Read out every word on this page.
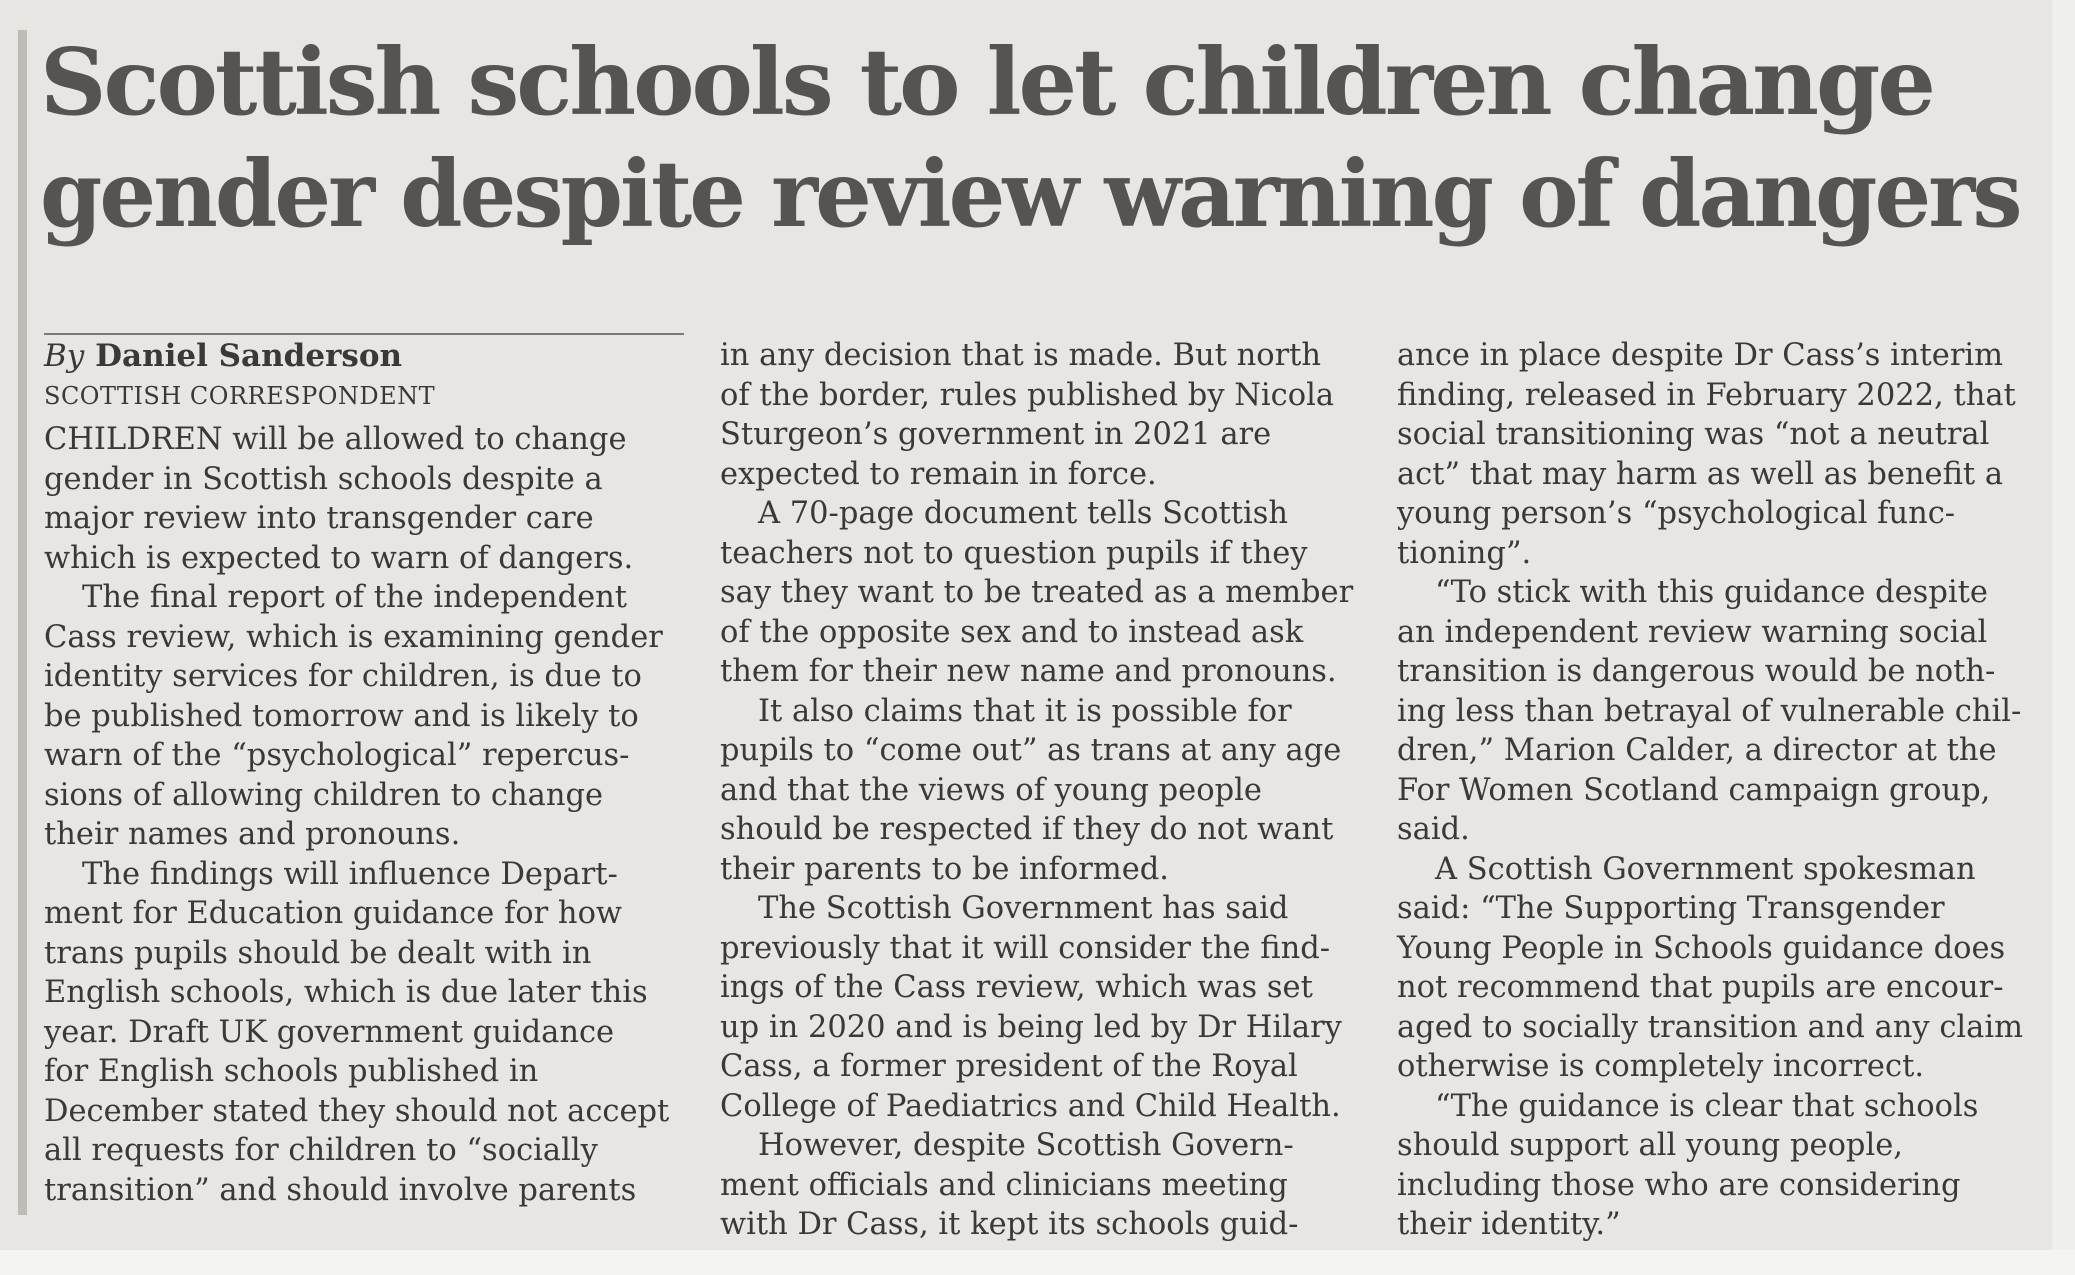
Scottish schools to let children change
gender despite review warning of dangers
By Daniel Sanderson
SCOTTISH CORRESPONDENT
CHILDREN will be allowed to change
gender in Scottish schools despite a
major review into transgender care
which is expected to warn of dangers.
The final report of the independent
Cass review, which is examining gender
identity services for children, is due to
be published tomorrow and is likely to
warn of the “psychological” repercus-
sions of allowing children to change
their names and pronouns.
The findings will influence Depart-
ment for Education guidance for how
trans pupils should be dealt with in
English schools, which is due later this
year. Draft UK government guidance
for English schools published in
December stated they should not accept
all requests for children to “socially
transition” and should involve parents
in any decision that is made. But north
of the border, rules published by Nicola
Sturgeon’s government in 2021 are
expected to remain in force.
A 70-page document tells Scottish
teachers not to question pupils if they
say they want to be treated as a member
of the opposite sex and to instead ask
them for their new name and pronouns.
It also claims that it is possible for
pupils to “come out” as trans at any age
and that the views of young people
should be respected if they do not want
their parents to be informed.
The Scottish Government has said
previously that it will consider the find-
ings of the Cass review, which was set
up in 2020 and is being led by Dr Hilary
Cass, a former president of the Royal
College of Paediatrics and Child Health.
However, despite Scottish Govern-
ment officials and clinicians meeting
with Dr Cass, it kept its schools guid-
ance in place despite Dr Cass’s interim
finding, released in February 2022, that
social transitioning was “not a neutral
act” that may harm as well as benefit a
young person’s “psychological func-
tioning”.
“To stick with this guidance despite
an independent review warning social
transition is dangerous would be noth-
ing less than betrayal of vulnerable chil-
dren,” Marion Calder, a director at the
For Women Scotland campaign group,
said.
A Scottish Government spokesman
said: “The Supporting Transgender
Young People in Schools guidance does
not recommend that pupils are encour-
aged to socially transition and any claim
otherwise is completely incorrect.
“The guidance is clear that schools
should support all young people,
including those who are considering
their identity.”
